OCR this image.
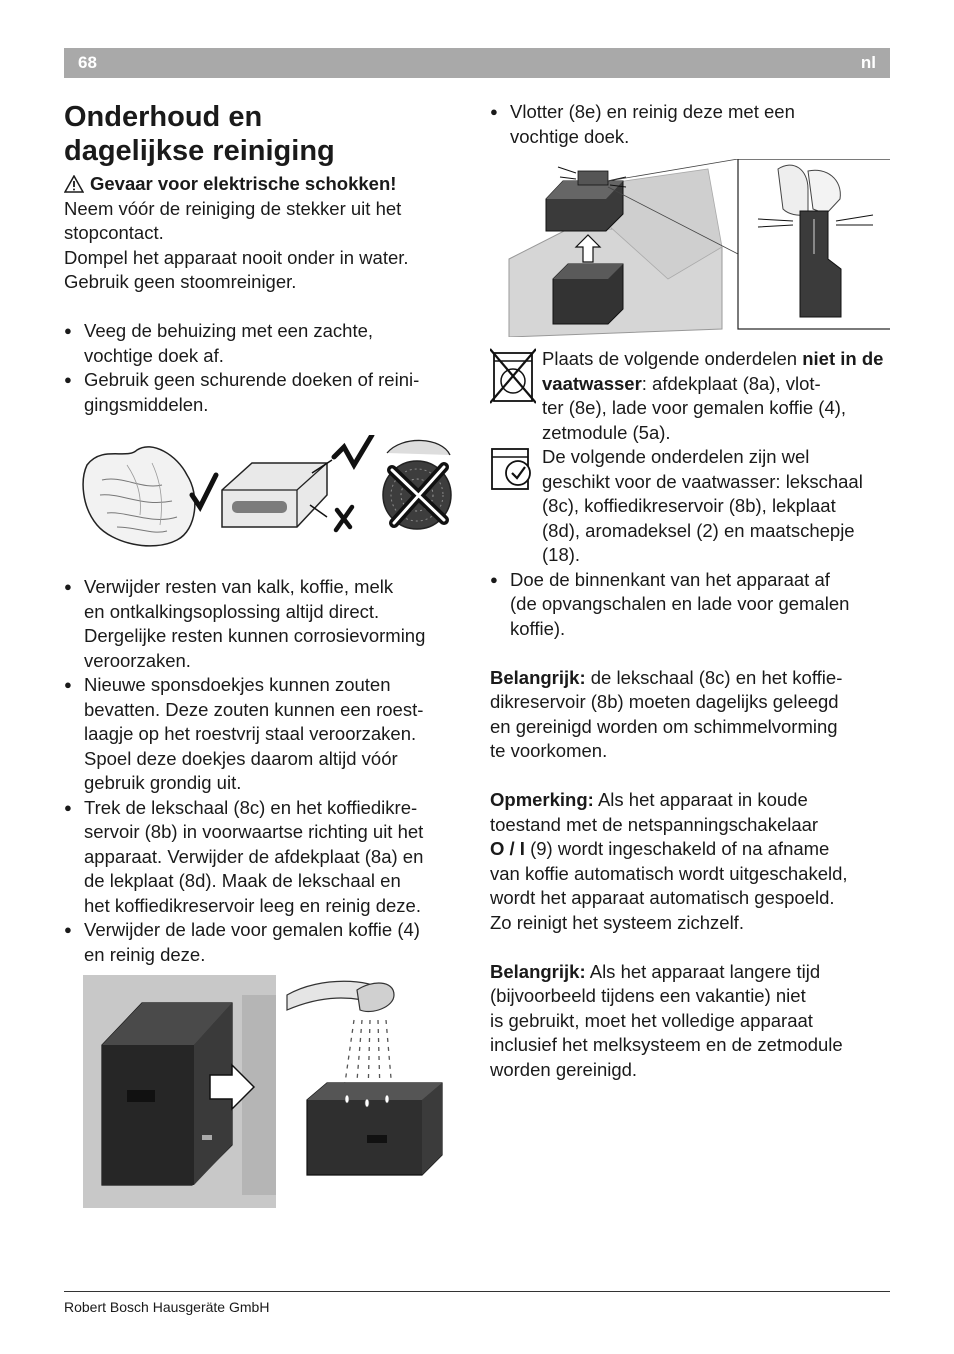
68	nl
Onderhoud en
dagelijkse reiniging

Gevaar voor elektrische schokken!

Neem vóór de reiniging de stekker uit het
stopcontact.
Dompel het apparaat nooit onder in water.
Gebruik geen stoomreiniger.

● Veeg de behuizing met een zachte,
vochtige doek af.
● Gebruik geen schurende doeken of reini-
gingsmiddelen.
● Verwijder resten van kalk, koffie, melk
en ontkalkingsoplossing altijd direct.
Dergelijke resten kunnen corrosievorming
veroorzaken.
● Nieuwe sponsdoekjes kunnen zouten
bevatten. Deze zouten kunnen een roest-
laagje op het roestvrij staal veroorzaken.
Spoel deze doekjes daarom altijd vóór
gebruik grondig uit.
● Trek de lekschaal (8c) en het koffiedikre-
servoir (8b) in voorwaartse richting uit het
apparaat. Verwijder de afdekplaat (8a) en
de lekplaat (8d). Maak de lekschaal en
het koffiedikreservoir leeg en reinig deze.
● Verwijder de lade voor gemalen koffie (4)
en reinig deze.
● Vlotter (8e) en reinig deze met een
vochtige doek.

Plaats de volgende onderdelen niet in de vaatwasser: afdekplaat (8a), vlot-
ter (8e), lade voor gemalen koffie (4),
zetmodule (5a).

De volgende onderdelen zijn wel
geschikt voor de vaatwasser: lekschaal
(8c), koffiedikreservoir (8b), lekplaat
(8d), aromadeksel (2) en maatschepje
(18).

● Doe de binnenkant van het apparaat af
(de opvangschalen en lade voor gemalen
koffie).

Belangrijk: de lekschaal (8c) en het koffie-
dikreservoir (8b) moeten dagelijks geleegd
en gereinigd worden om schimmelvorming
te voorkomen.

Opmerking: Als het apparaat in koude
toestand met de netspanningschakelaar
O / I (9) wordt ingeschakeld of na afname
van koffie automatisch wordt uitgeschakeld,
wordt het apparaat automatisch gespoeld.
Zo reinigt het systeem zichzelf.

Belangrijk: Als het apparaat langere tijd
(bijvoorbeeld tijdens een vakantie) niet
is gebruikt, moet het volledige apparaat
inclusief het melksysteem en de zetmodule
worden gereinigd.

Robert Bosch Hausgeräte GmbH
